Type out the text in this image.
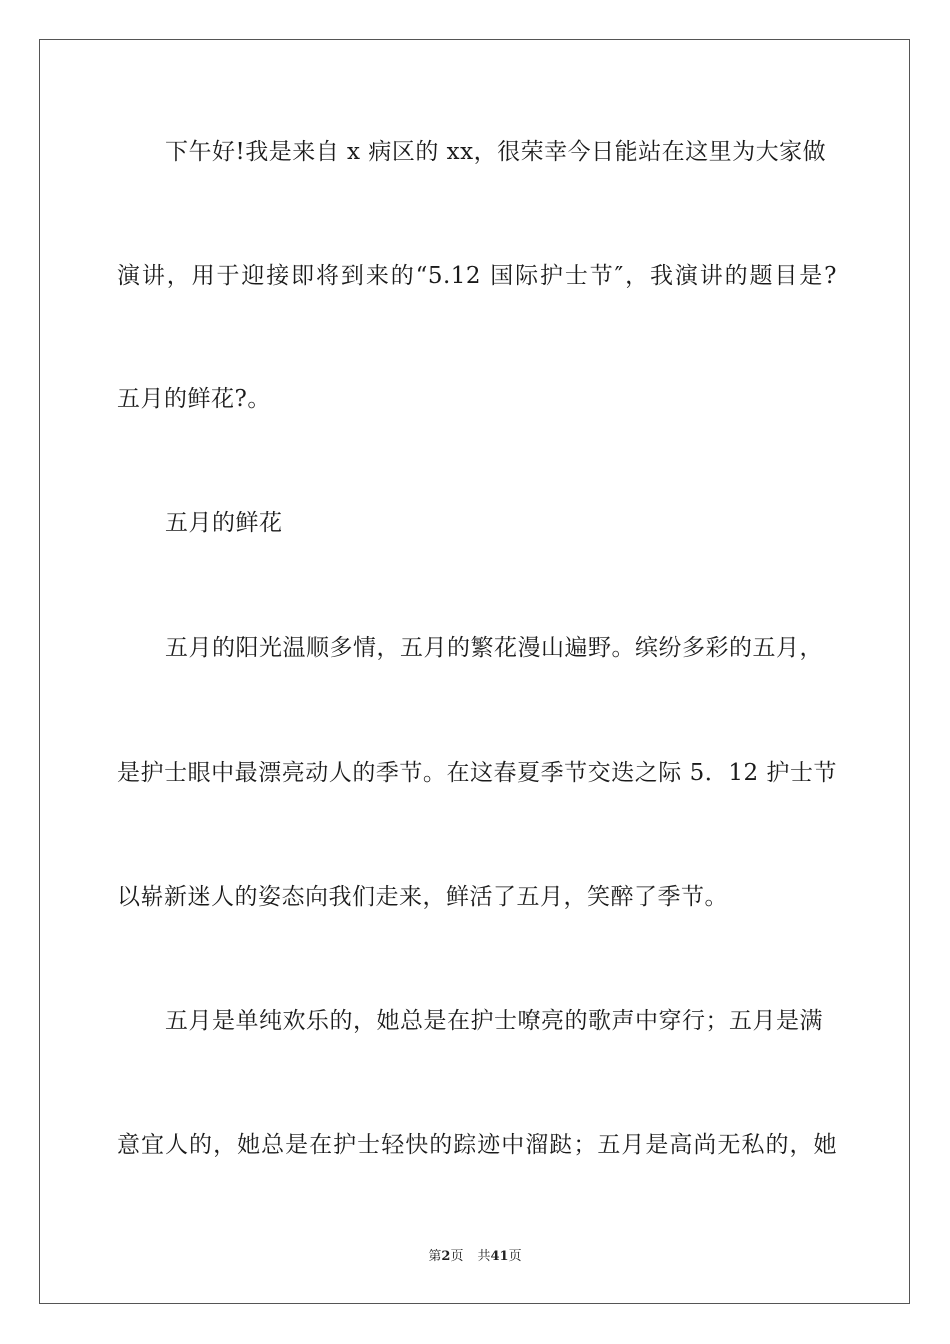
下午好!我是来自 x 病区的 xx，很荣幸今日能站在这里为大家做
演讲，用于迎接即将到来的“5.12 国际护士节″，我演讲的题目是?
五月的鲜花?。
五月的鲜花
五月的阳光温顺多情，五月的繁花漫山遍野。缤纷多彩的五月，
是护士眼中最漂亮动人的季节。在这春夏季节交迭之际 5．12 护士节
以崭新迷人的姿态向我们走来，鲜活了五月，笑醉了季节。
五月是单纯欢乐的，她总是在护士嘹亮的歌声中穿行；五月是满
意宜人的，她总是在护士轻快的踪迹中溜跶；五月是高尚无私的，她
第2页 共41页
